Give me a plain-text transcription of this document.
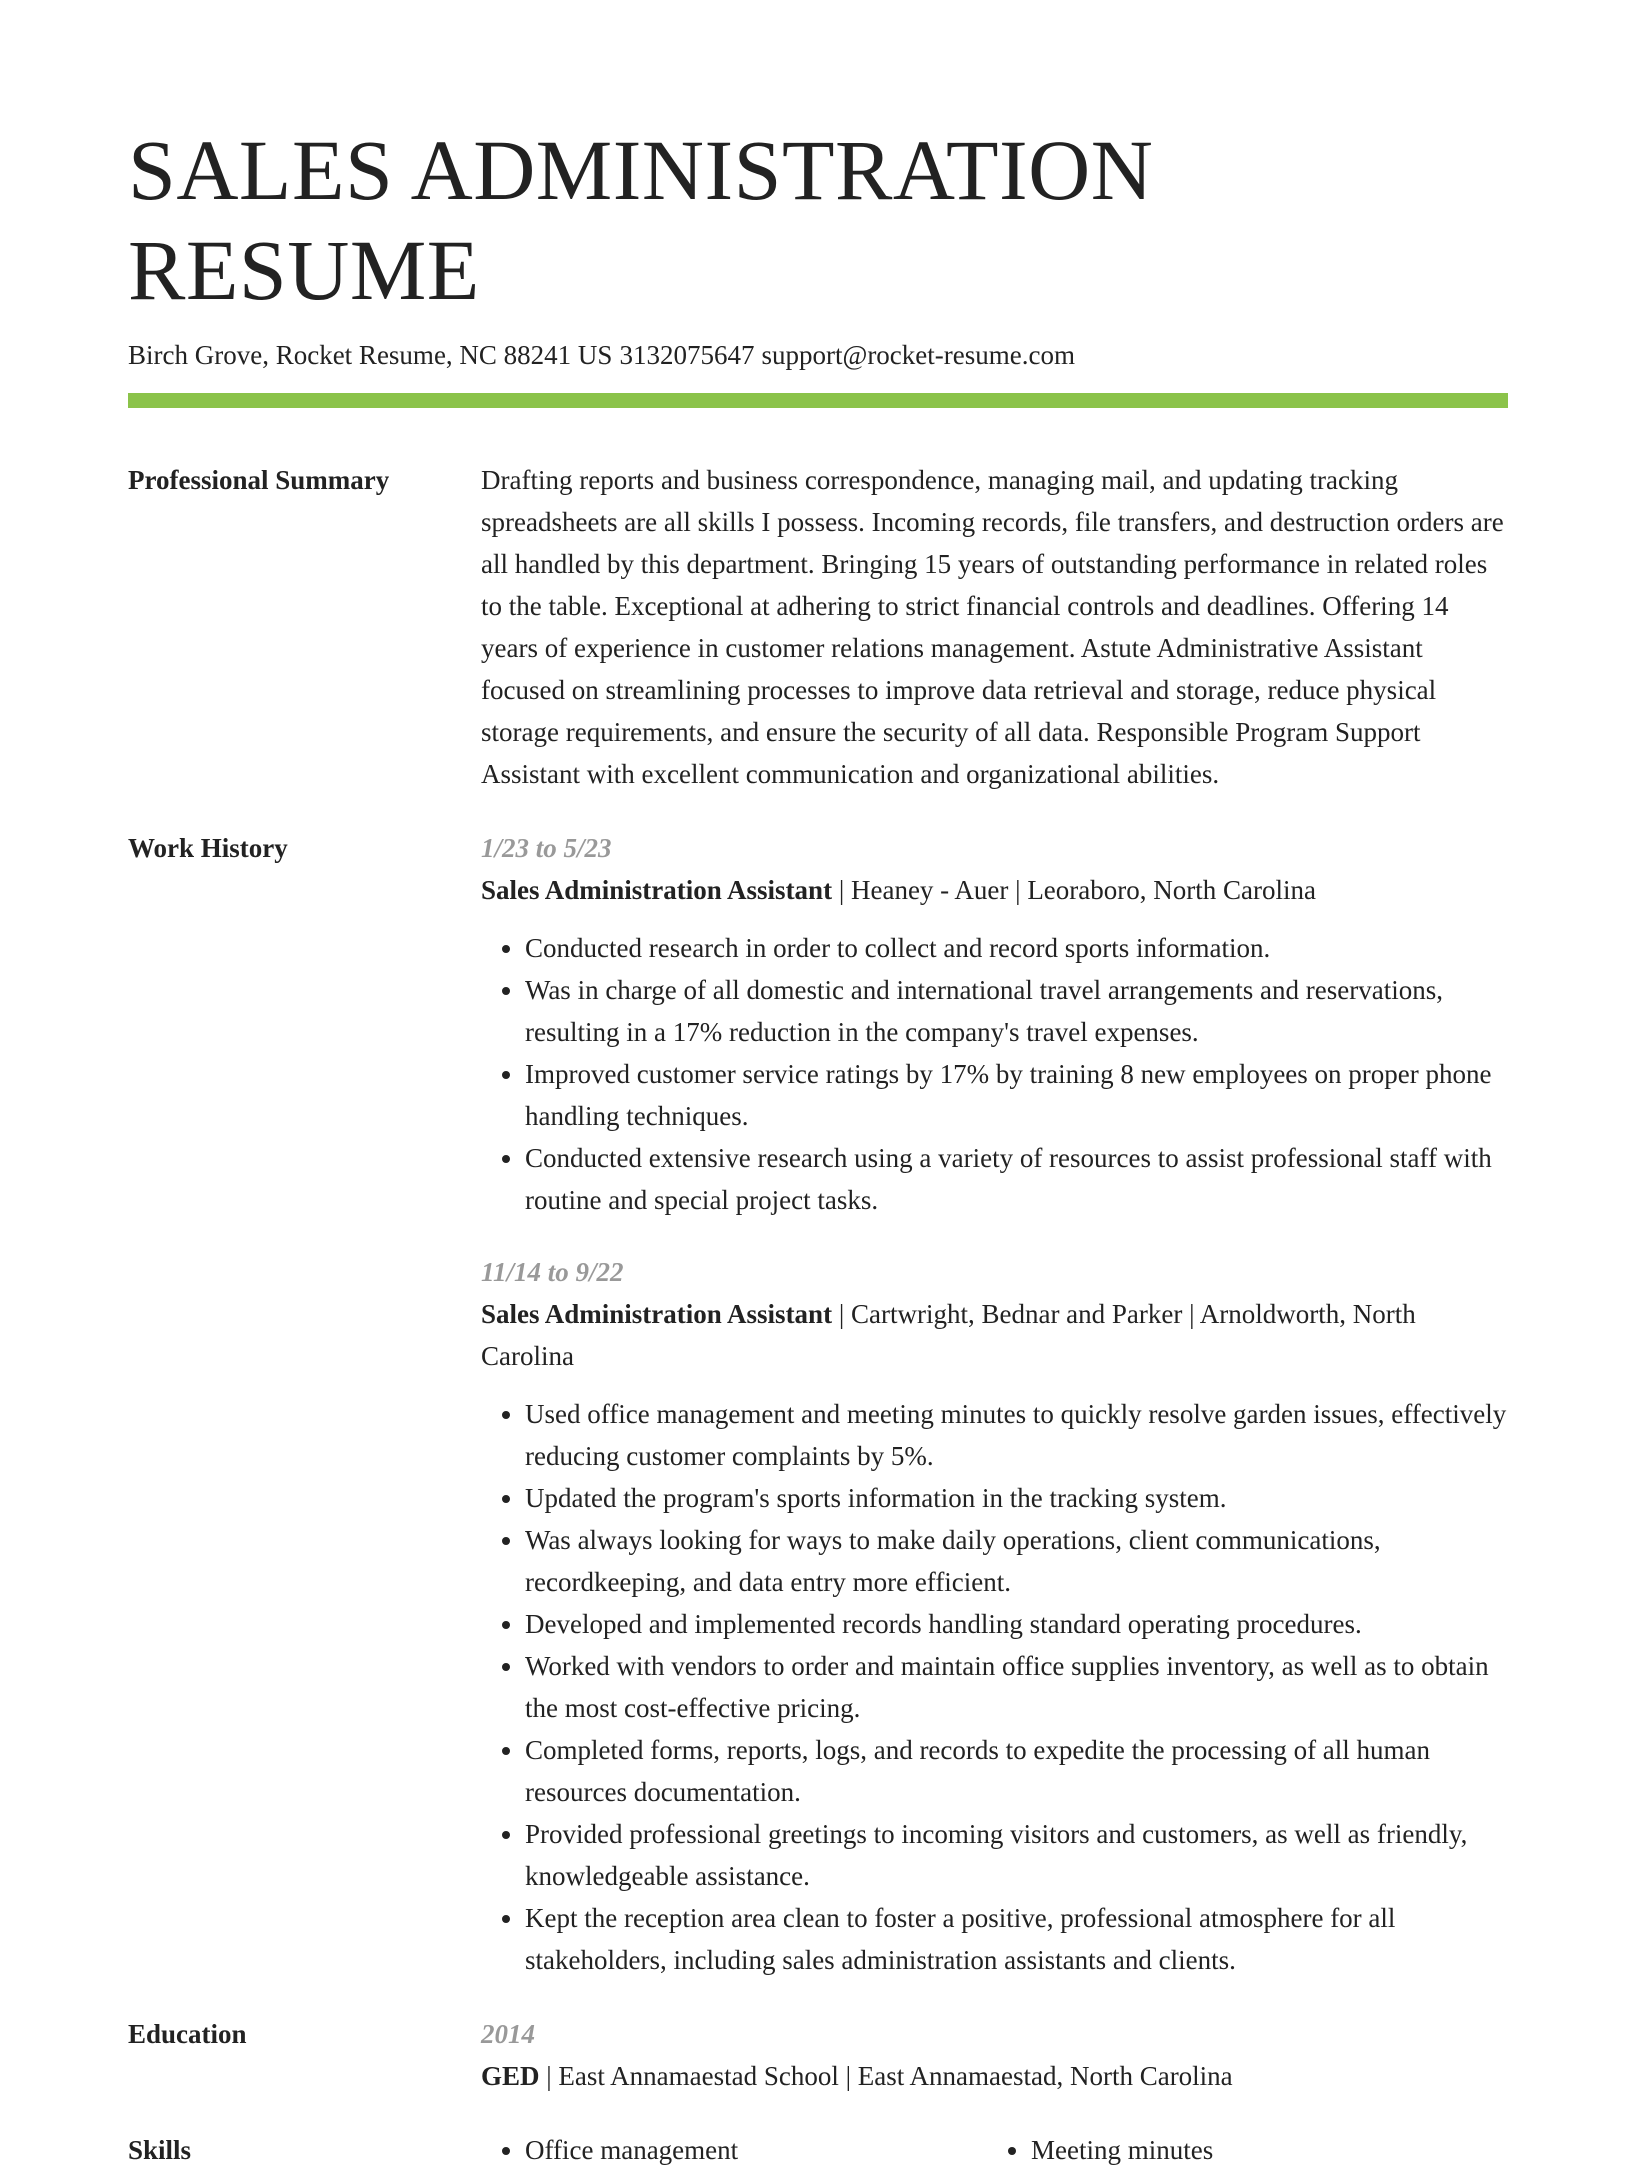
SALES ADMINISTRATION RESUME
Birch Grove, Rocket Resume, NC 88241 US 3132075647 support@rocket-resume.com
Professional Summary	Drafting reports and business correspondence, managing mail, and updating tracking spreadsheets are all skills I possess. Incoming records, file transfers, and destruction orders are all handled by this department. Bringing 15 years of outstanding performance in related roles to the table. Exceptional at adhering to strict financial controls and deadlines. Offering 14 years of experience in customer relations management. Astute Administrative Assistant focused on streamlining processes to improve data retrieval and storage, reduce physical storage requirements, and ensure the security of all data. Responsible Program Support Assistant with excellent communication and organizational abilities.
Work History	1/23 to 5/23
Sales Administration Assistant | Heaney - Auer | Leoraboro, North Carolina
• Conducted research in order to collect and record sports information.
• Was in charge of all domestic and international travel arrangements and reservations, resulting in a 17% reduction in the company's travel expenses.
• Improved customer service ratings by 17% by training 8 new employees on proper phone handling techniques.
• Conducted extensive research using a variety of resources to assist professional staff with routine and special project tasks.
11/14 to 9/22
Sales Administration Assistant | Cartwright, Bednar and Parker | Arnoldworth, North Carolina
• Used office management and meeting minutes to quickly resolve garden issues, effectively reducing customer complaints by 5%.
• Updated the program's sports information in the tracking system.
• Was always looking for ways to make daily operations, client communications, recordkeeping, and data entry more efficient.
• Developed and implemented records handling standard operating procedures.
• Worked with vendors to order and maintain office supplies inventory, as well as to obtain the most cost-effective pricing.
• Completed forms, reports, logs, and records to expedite the processing of all human resources documentation.
• Provided professional greetings to incoming visitors and customers, as well as friendly, knowledgeable assistance.
• Kept the reception area clean to foster a positive, professional atmosphere for all stakeholders, including sales administration assistants and clients.
Education	2014
GED | East Annamaestad School | East Annamaestad, North Carolina
Skills	• Office management	• Meeting minutes
